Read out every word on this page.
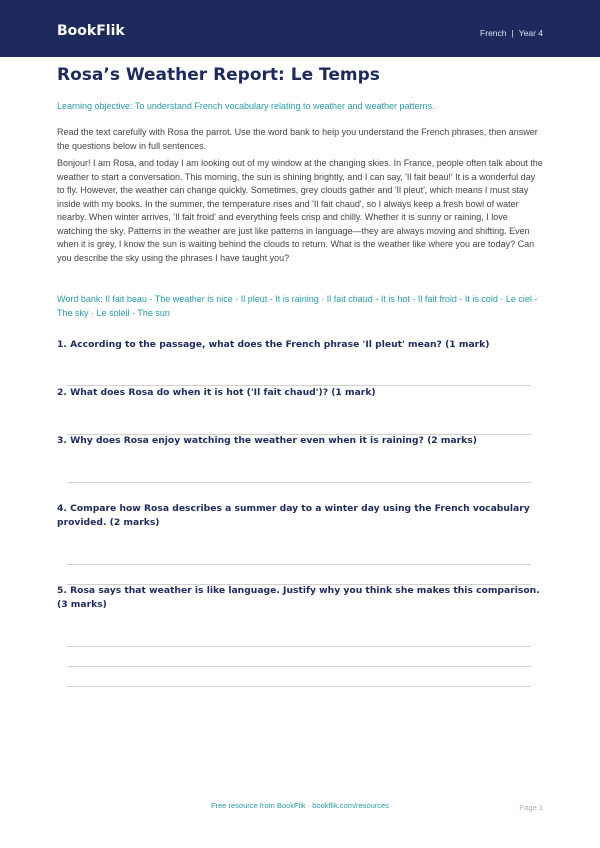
BookFlik	French | Year 4
Rosa’s Weather Report: Le Temps
Learning objective: To understand French vocabulary relating to weather and weather patterns.

Read the text carefully with Rosa the parrot. Use the word bank to help you understand the French phrases, then answer the questions below in full sentences.

Bonjour! I am Rosa, and today I am looking out of my window at the changing skies. In France, people often talk about the weather to start a conversation. This morning, the sun is shining brightly, and I can say, 'Il fait beau!' It is a wonderful day to fly. However, the weather can change quickly. Sometimes, grey clouds gather and 'Il pleut', which means I must stay inside with my books. In the summer, the temperature rises and 'Il fait chaud', so I always keep a fresh bowl of water nearby. When winter arrives, 'Il fait froid' and everything feels crisp and chilly. Whether it is sunny or raining, I love watching the sky. Patterns in the weather are just like patterns in language—they are always moving and shifting. Even when it is grey, I know the sun is waiting behind the clouds to return. What is the weather like where you are today? Can you describe the sky using the phrases I have taught you?

Word bank: Il fait beau - The weather is nice · Il pleut - It is raining · Il fait chaud - It is hot · Il fait froid - It is cold · Le ciel - The sky · Le soleil - The sun

1. According to the passage, what does the French phrase 'Il pleut' mean? (1 mark)

2. What does Rosa do when it is hot ('Il fait chaud')? (1 mark)

3. Why does Rosa enjoy watching the weather even when it is raining? (2 marks)

4. Compare how Rosa describes a summer day to a winter day using the French vocabulary provided. (2 marks)

5. Rosa says that weather is like language. Justify why you think she makes this comparison. (3 marks)

Free resource from BookFlik · bookflik.com/resources	Page 1
